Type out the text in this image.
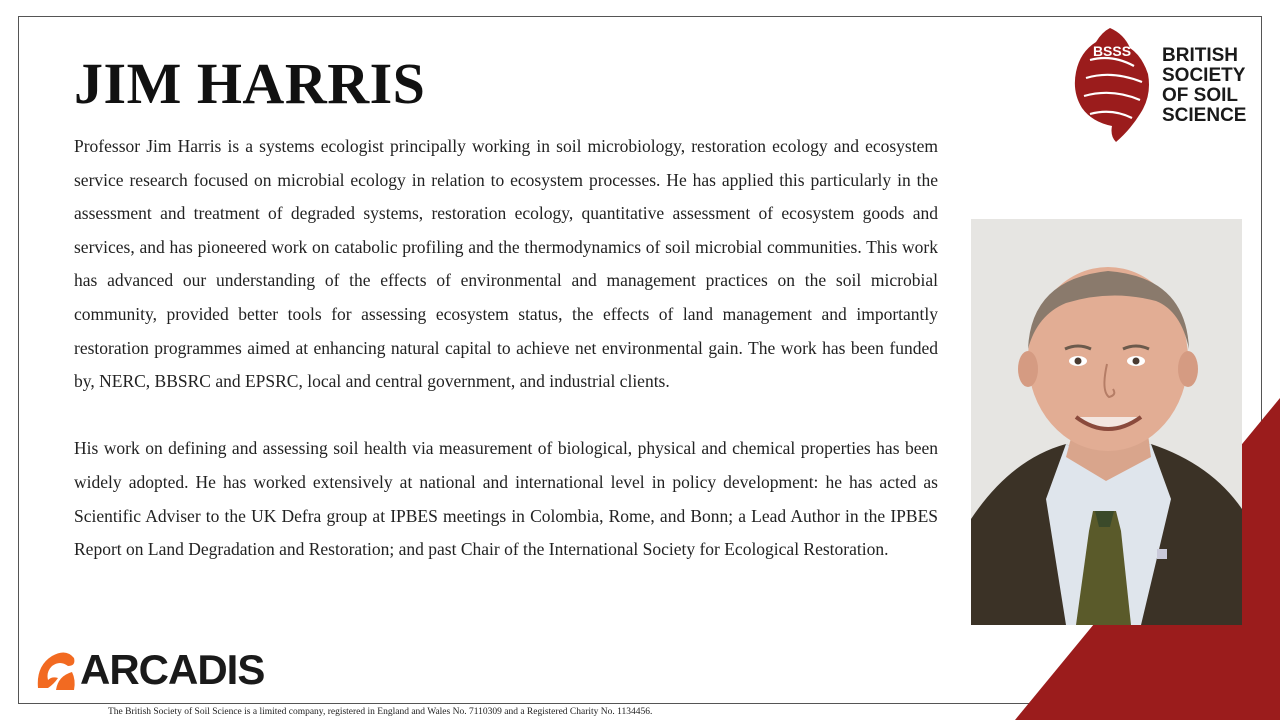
JIM HARRIS

Professor Jim Harris is a systems ecologist principally working in soil microbiology, restoration ecology and ecosystem service research focused on microbial ecology in relation to ecosystem processes. He has applied this particularly in the assessment and treatment of degraded systems, restoration ecology, quantitative assessment of ecosystem goods and services, and has pioneered work on catabolic profiling and the thermodynamics of soil microbial communities. This work has advanced our understanding of the effects of environmental and management practices on the soil microbial community, provided better tools for assessing ecosystem status, the effects of land management and importantly restoration programmes aimed at enhancing natural capital to achieve net environmental gain. The work has been funded by, NERC, BBSRC and EPSRC, local and central government, and industrial clients.

His work on defining and assessing soil health via measurement of biological, physical and chemical properties has been widely adopted. He has worked extensively at national and international level in policy development: he has acted as Scientific Adviser to the UK Defra group at IPBES meetings in Colombia, Rome, and Bonn; a Lead Author in the IPBES Report on Land Degradation and Restoration; and past Chair of the International Society for Ecological Restoration.

BSSS BRITISH
SOCIETY
OF SOIL
SCIENCE
ARCADIS
The British Society of Soil Science is a limited company, registered in England and Wales No. 7110309 and a Registered Charity No. 1134456.
